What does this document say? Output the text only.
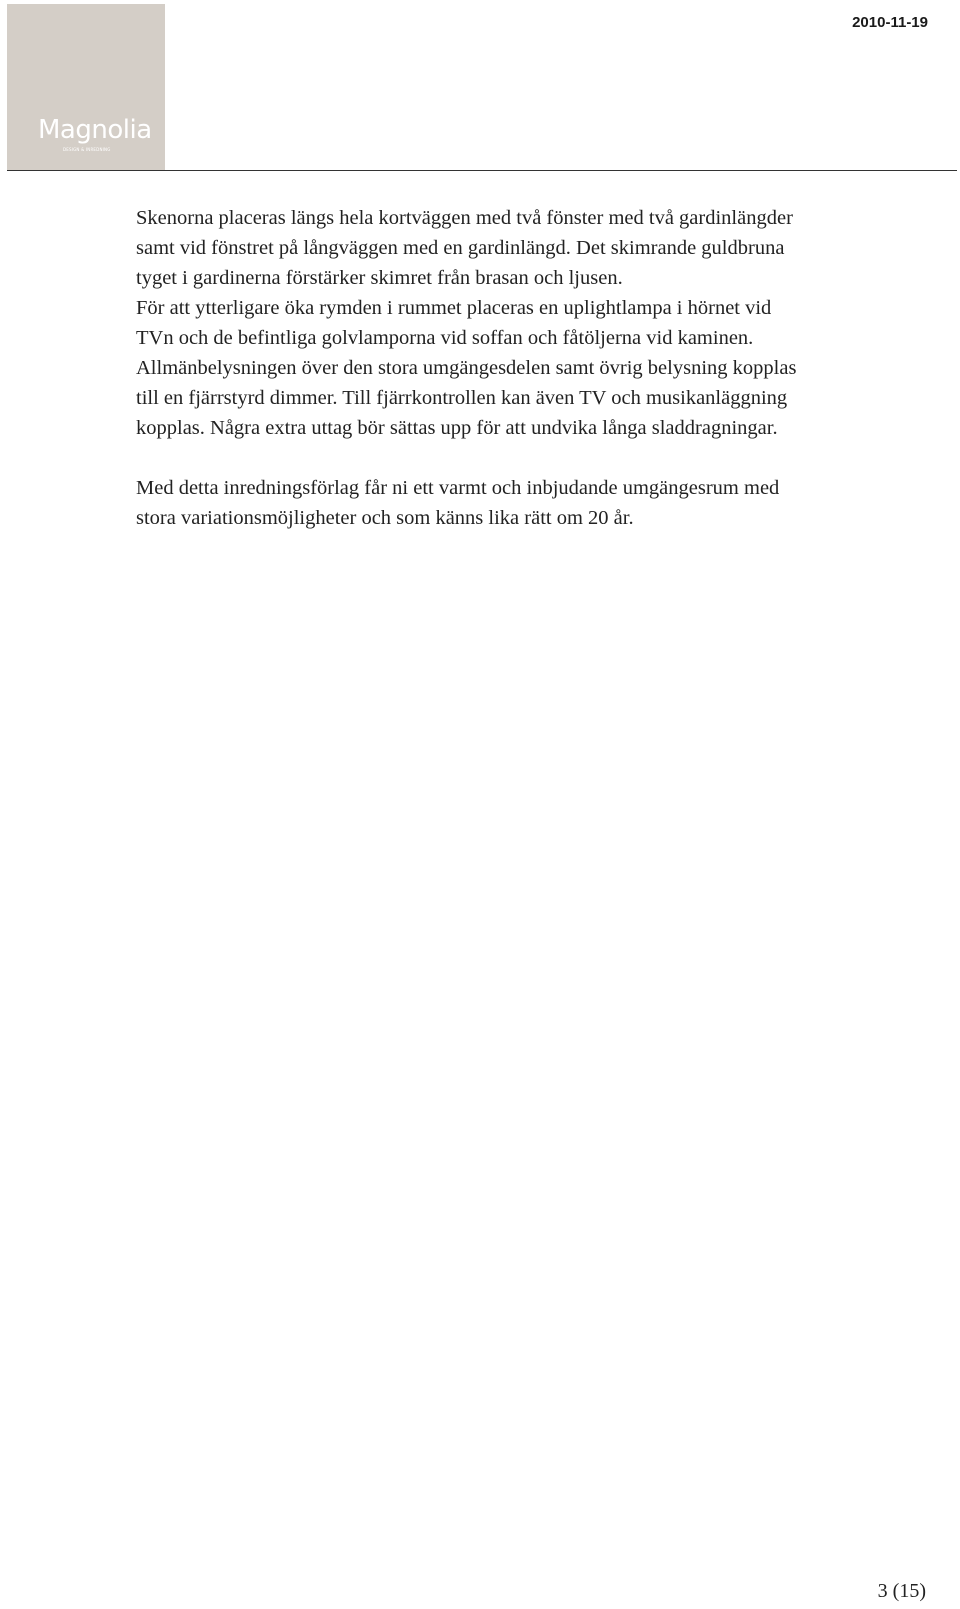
Magnolia
DESIGN & INREDNING
2010-11-19

Skenorna placeras längs hela kortväggen med två fönster med två gardinlängder
samt vid fönstret på långväggen med en gardinlängd. Det skimrande guldbruna
tyget i gardinerna förstärker skimret från brasan och ljusen.
För att ytterligare öka rymden i rummet placeras en uplightlampa i hörnet vid
TVn och de befintliga golvlamporna vid soffan och fåtöljerna vid kaminen.
Allmänbelysningen över den stora umgängesdelen samt övrig belysning kopplas
till en fjärrstyrd dimmer. Till fjärrkontrollen kan även TV och musikanläggning
kopplas. Några extra uttag bör sättas upp för att undvika långa sladdragningar.

Med detta inredningsförlag får ni ett varmt och inbjudande umgängesrum med
stora variationsmöjligheter och som känns lika rätt om 20 år.

3 (15)
